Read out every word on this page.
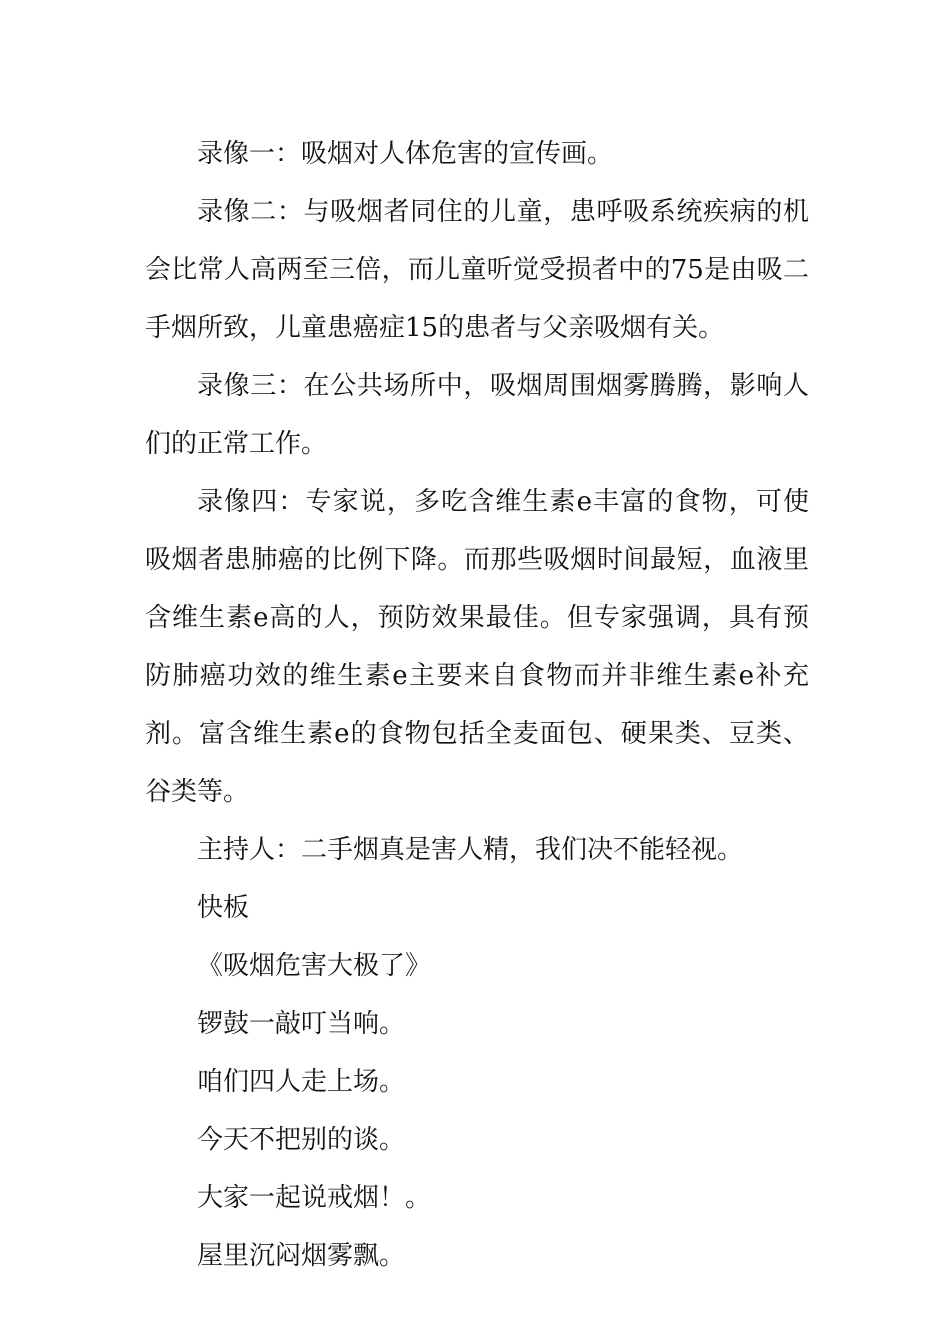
录像一：吸烟对人体危害的宣传画。

录像二：与吸烟者同住的儿童，患呼吸系统疾病的机会比常人高两至三倍，而儿童听觉受损者中的75是由吸二手烟所致，儿童患癌症15的患者与父亲吸烟有关。

录像三：在公共场所中，吸烟周围烟雾腾腾，影响人们的正常工作。

录像四：专家说，多吃含维生素e丰富的食物，可使吸烟者患肺癌的比例下降。而那些吸烟时间最短，血液里含维生素e高的人，预防效果最佳。但专家强调，具有预防肺癌功效的维生素e主要来自食物而并非维生素e补充剂。富含维生素e的食物包括全麦面包、硬果类、豆类、谷类等。

主持人：二手烟真是害人精，我们决不能轻视。

快板

《吸烟危害大极了》

锣鼓一敲叮当响。

咱们四人走上场。

今天不把别的谈。

大家一起说戒烟！。

屋里沉闷烟雾飘。
